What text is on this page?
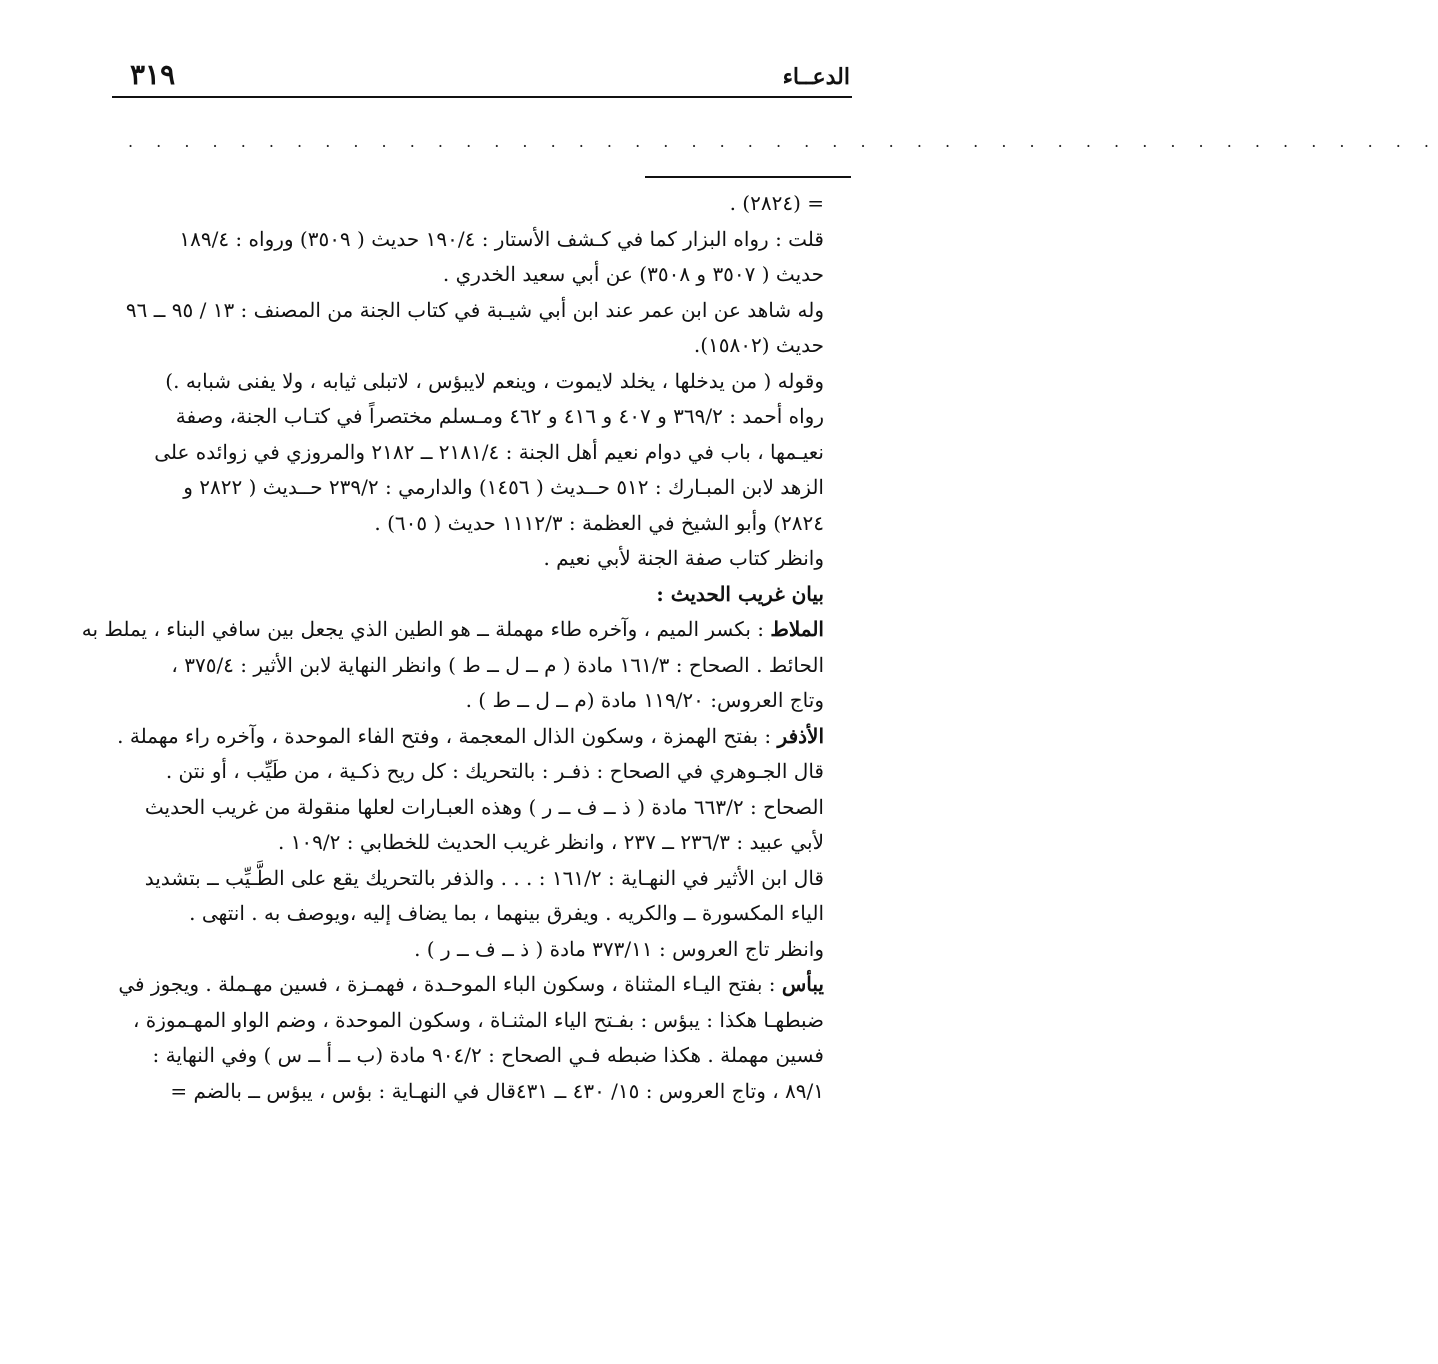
٣١٩	الدعــاء
. . . . . . . . . . . . . . . . . . . . . . . . . . . . . . . . . . . . . . . . . . . . . . .
= (٢٨٢٤) .
قلت : رواه البزار كما في كـشف الأستار : ١٩٠/٤ حديث ( ٣٥٠٩) ورواه : ١٨٩/٤
حديث ( ٣٥٠٧ و ٣٥٠٨) عن أبي سعيد الخدري .
وله شاهد عن ابن عمر عند ابن أبي شيـبة في كتاب الجنة من المصنف : ١٣ / ٩٥ ــ ٩٦
حديث (١٥٨٠٢).
وقوله ( من يدخلها ، يخلد لايموت ، وينعم لايبؤس ، لاتبلى ثيابه ، ولا يفنى شبابه .)
رواه أحمد : ٣٦٩/٢ و ٤٠٧ و ٤١٦ و ٤٦٢ ومـسلم مختصراً في كتـاب الجنة، وصفة
نعيـمها ، باب في دوام نعيم أهل الجنة : ٢١٨١/٤ ــ ٢١٨٢ والمروزي في زوائده على
الزهد لابن المبـارك : ٥١٢ حــديث ( ١٤٥٦) والدارمي : ٢٣٩/٢ حــديث ( ٢٨٢٢ و
٢٨٢٤) وأبو الشيخ في العظمة : ١١١٢/٣ حديث ( ٦٠٥) .
وانظر كتاب صفة الجنة لأبي نعيم .
بيان غريب الحديث :
الملاط : بكسر الميم ، وآخره طاء مهملة ــ هو الطين الذي يجعل بين سافي البناء ، يملط به
الحائط . الصحاح : ١٦١/٣ مادة ( م ــ ل ــ ط ) وانظر النهاية لابن الأثير : ٣٧٥/٤ ،
وتاج العروس: ١١٩/٢٠ مادة (م ــ ل ــ ط ) .
الأذفر : بفتح الهمزة ، وسكون الذال المعجمة ، وفتح الفاء الموحدة ، وآخره راء مهملة .
قال الجـوهري في الصحاح : ذفـر : بالتحريك : كل ريح ذكـية ، من طَيِّب ، أو نتن .
الصحاح : ٦٦٣/٢ مادة ( ذ ــ ف ــ ر ) وهذه العبـارات لعلها منقولة من غريب الحديث
لأبي عبيد : ٢٣٦/٣ ــ ٢٣٧ ، وانظر غريب الحديث للخطابي : ١٠٩/٢ .
قال ابن الأثير في النهـاية : ١٦١/٢ : . . . والذفر بالتحريك يقع على الطَّـيِّب ــ بتشديد
الياء المكسورة ــ والكريه . ويفرق بينهما ، بما يضاف إليه ،ويوصف به . انتهى .
وانظر تاج العروس : ٣٧٣/١١ مادة ( ذ ــ ف ــ ر ) .
يبأس : بفتح اليـاء المثناة ، وسكون الباء الموحـدة ، فهمـزة ، فسين مهـملة . ويجوز في
ضبطهـا هكذا : يبؤس : بفـتح الياء المثنـاة ، وسكون الموحدة ، وضم الواو المهـموزة ،
فسين مهملة . هكذا ضبطه فـي الصحاح : ٩٠٤/٢ مادة (ب ــ أ ــ س ) وفي النهاية :
٨٩/١ ، وتاج العروس : ١٥/ ٤٣٠ ــ ٤٣١قال في النهـاية : بؤس ، يبؤس ــ بالضم =
